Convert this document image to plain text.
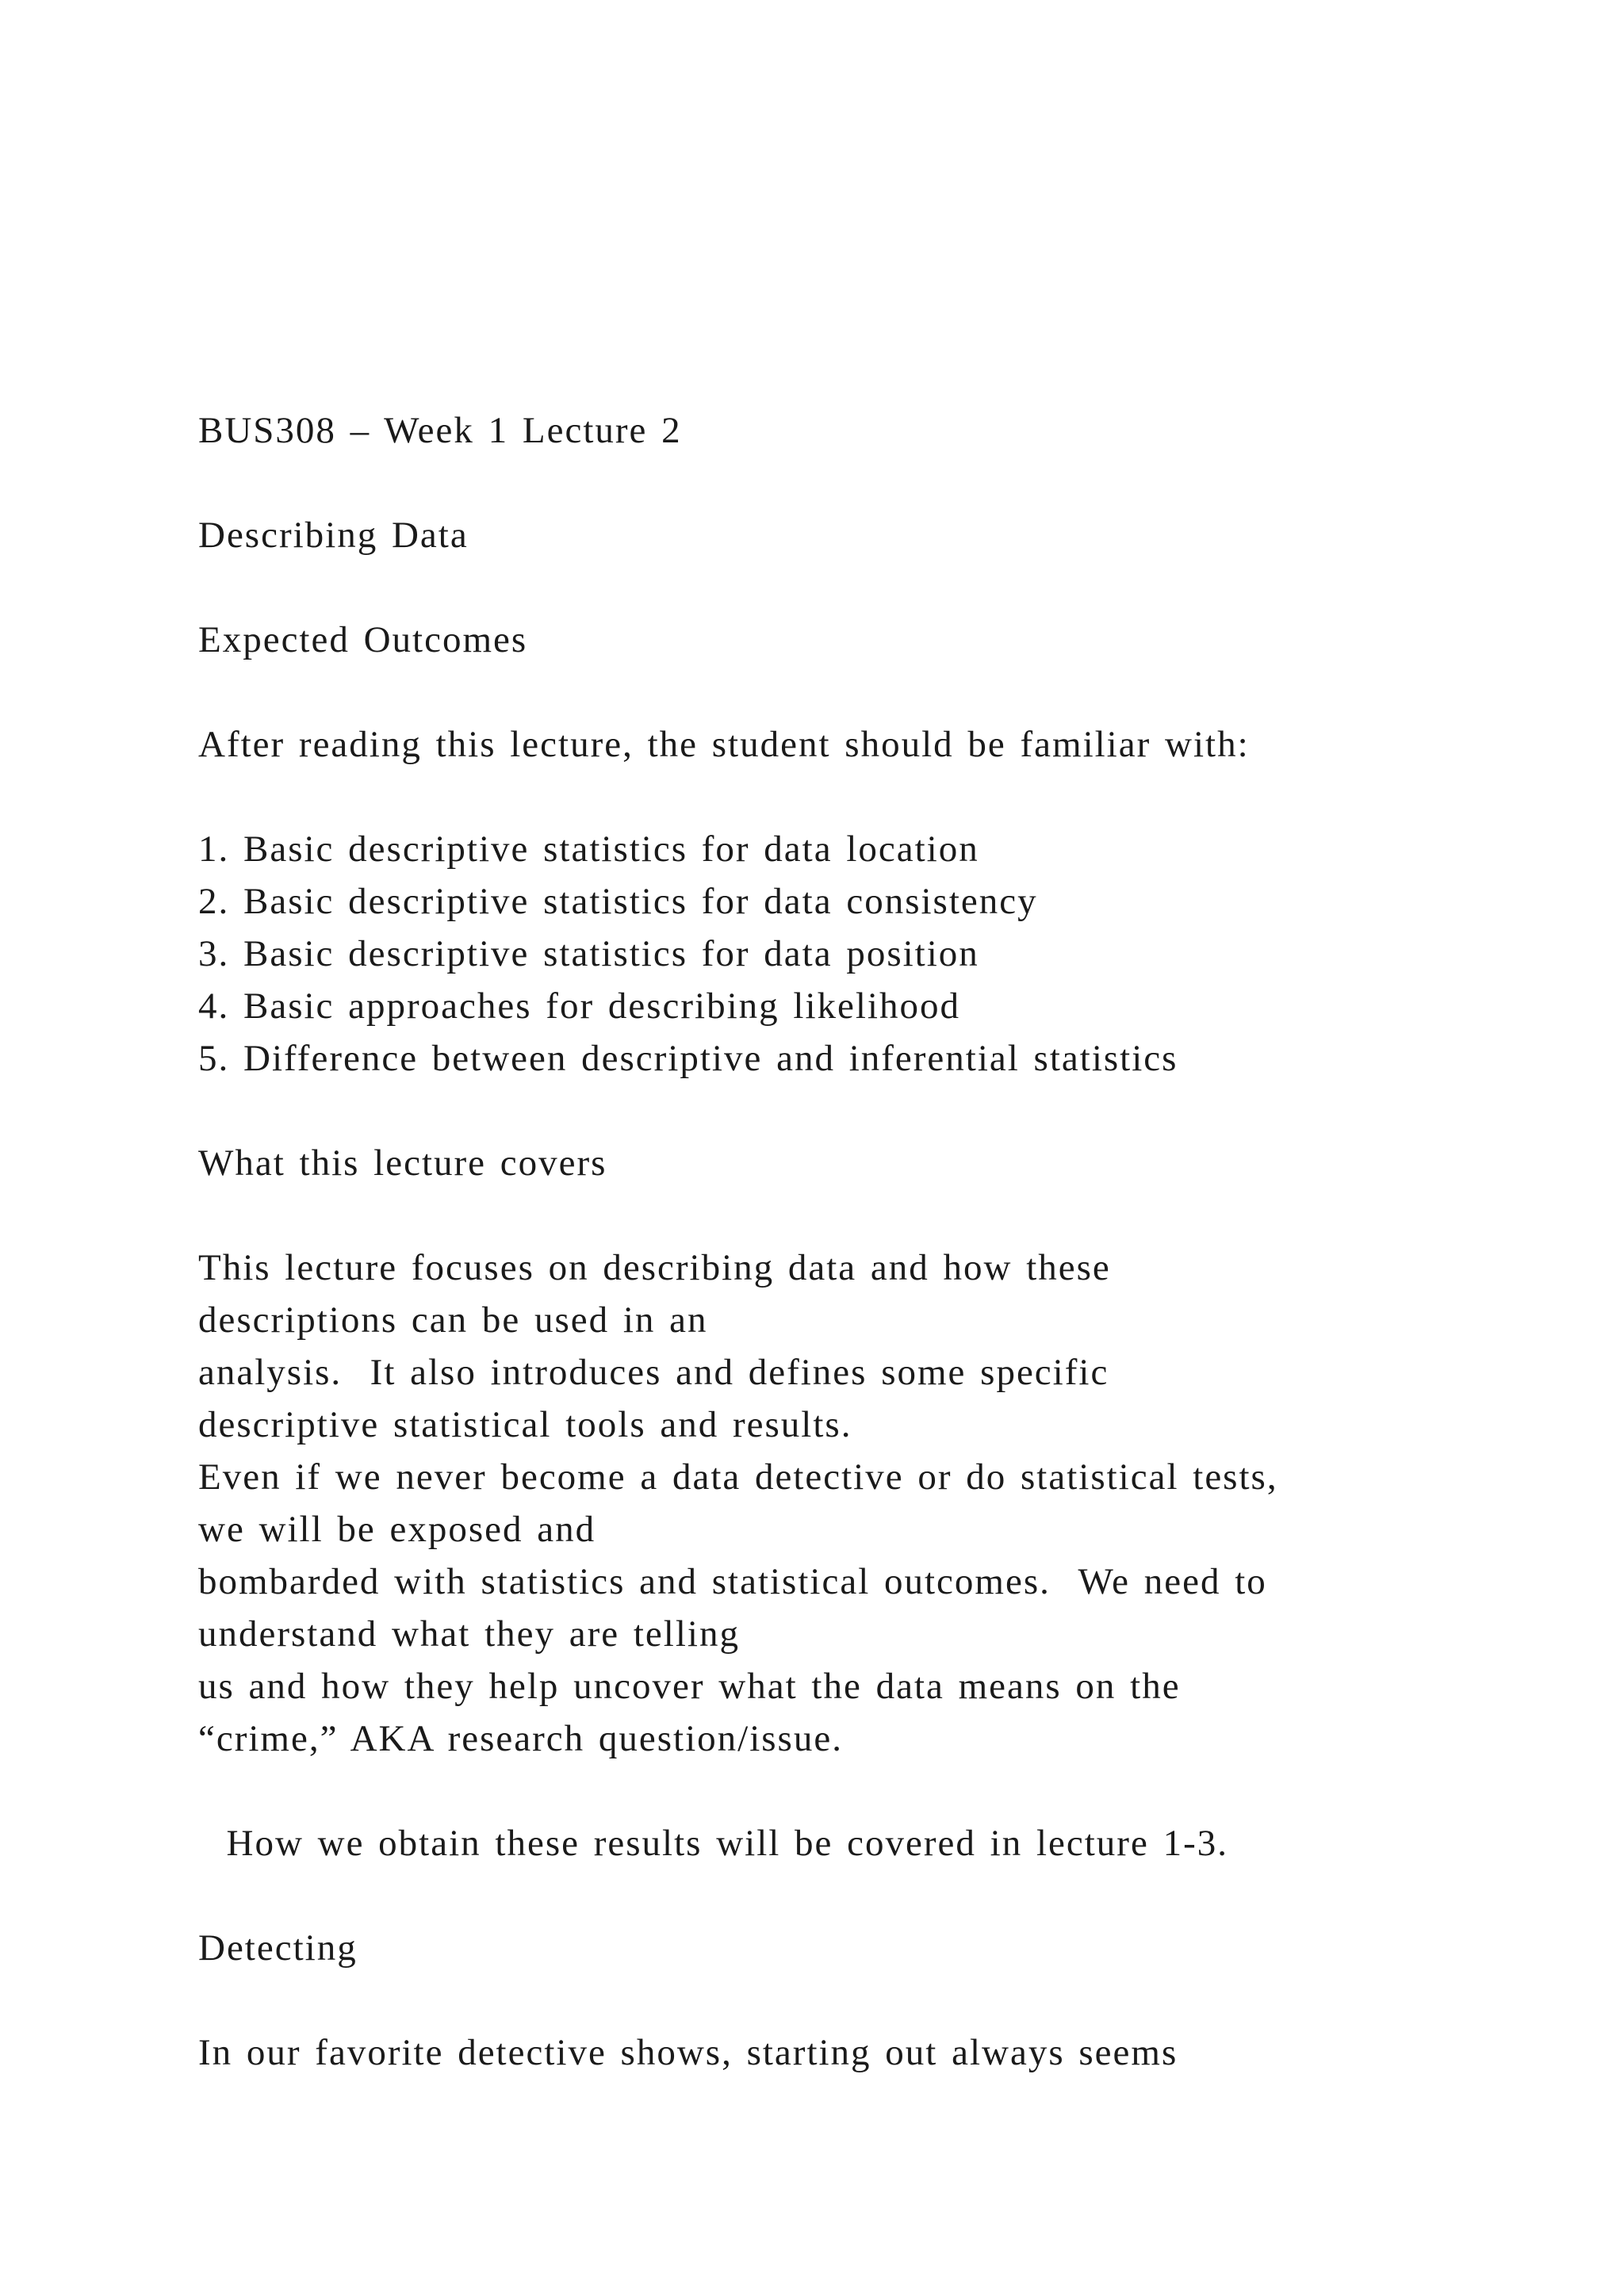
BUS308 – Week 1 Lecture 2
Describing Data
Expected Outcomes
After reading this lecture, the student should be familiar with:
1. Basic descriptive statistics for data location
2. Basic descriptive statistics for data consistency
3. Basic descriptive statistics for data position
4. Basic approaches for describing likelihood
5. Difference between descriptive and inferential statistics
What this lecture covers
This lecture focuses on describing data and how these
descriptions can be used in an
analysis.  It also introduces and defines some specific
descriptive statistical tools and results.
Even if we never become a data detective or do statistical tests,
we will be exposed and
bombarded with statistics and statistical outcomes.  We need to
understand what they are telling
us and how they help uncover what the data means on the
“crime,” AKA research question/issue.
How we obtain these results will be covered in lecture 1-3.
Detecting
In our favorite detective shows, starting out always seems
